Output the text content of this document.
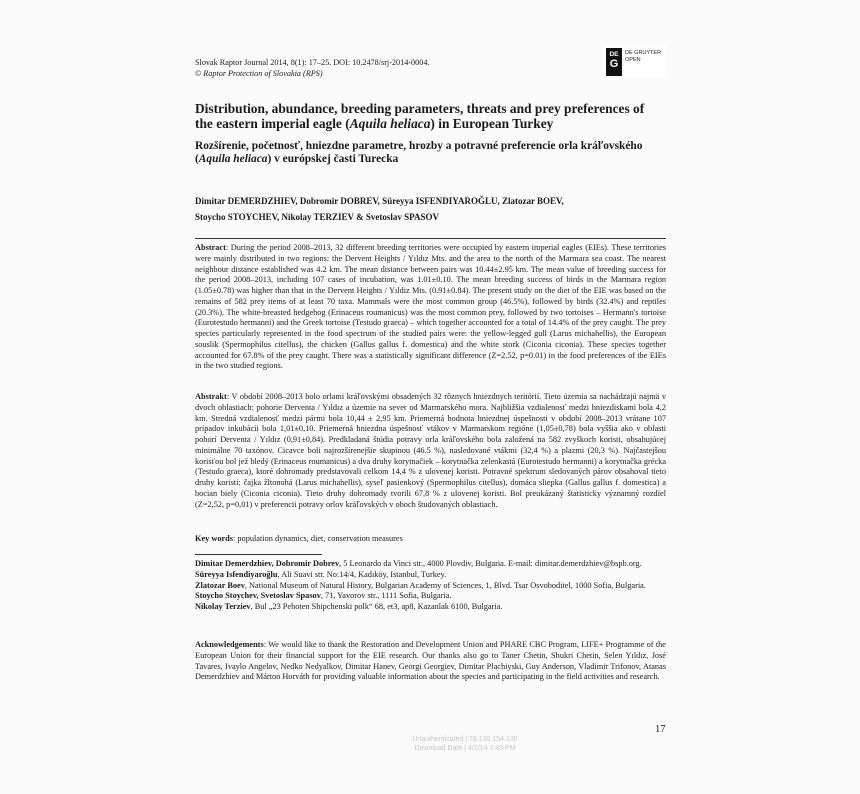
Slovak Raptor Journal 2014, 8(1): 17–25. DOI: 10.2478/srj-2014-0004.
© Raptor Protection of Slovakia (RPS)
DE
G
DE GRUYTER
OPEN
Distribution, abundance, breeding parameters, threats and prey preferences of the eastern imperial eagle (Aquila heliaca) in European Turkey
Rozšírenie, početnosť, hniezdne parametre, hrozby a potravné preferencie orla kráľovského (Aquila heliaca) v európskej časti Turecka
Dimitar DEMERDZHIEV, Dobromir DOBREV, Süreyya ISFENDIYAROĞLU, Zlatozar BOEV,
Stoycho STOYCHEV, Nikolay TERZIEV & Svetoslav SPASOV
Abstract: During the period 2008–2013, 32 different breeding territories were occupied by eastern imperial eagles (EIEs). These territories were mainly distributed in two regions: the Dervent Heights / Yıldız Mts. and the area to the north of the Marmara sea coast. The nearest neighbour distance established was 4.2 km. The mean distance between pairs was 10.44±2.95 km. The mean value of breeding success for the period 2008–2013, including 107 cases of incubation, was 1.01±0.10. The mean breeding success of birds in the Marmara region (1.05±0.78) was higher than that in the Dervent Heights / Yıldız Mts. (0.91±0.84). The present study on the diet of the EIE was based on the remains of 582 prey items of at least 70 taxa. Mammals were the most common group (46.5%), followed by birds (32.4%) and reptiles (20.3%). The white-breasted hedgehog (Erinaceus roumanicus) was the most common prey, followed by two tortoises – Hermann's tortoise (Eurotestudo hermanni) and the Greek tortoise (Testudo graeca) – which together accounted for a total of 14.4% of the prey caught. The prey species particularly represented in the food spectrum of the studied pairs were: the yellow-legged gull (Larus michahellis), the European souslik (Spermophilus citellus), the chicken (Gallus gallus f. domestica) and the white stork (Ciconia ciconia). These species together accounted for 67.8% of the prey caught. There was a statistically significant difference (Z=2.52, p=0.01) in the food preferences of the EIEs in the two studied regions.
Abstrakt: V období 2008–2013 bolo orlami kráľovskými obsadených 32 rôznych hniezdnych teritórií. Tieto územia sa nachádzajú najmä v dvoch oblastiach: pohorie Derventa / Yıldız a územie na sever od Marmarského mora. Najbližšia vzdialenosť medzi hniezdiskami bola 4,2 km. Stredná vzdialenosť medzi pármi bola 10,44 ± 2,95 km. Priemerná hodnota hniezdnej úspešnosti v období 2008–2013 vrátane 107 prípadov inkubácii bola 1,01±0,10. Priemerná hniezdna úspešnosť vtákov v Marmarskom regióne (1,05±0,78) bola vyššia ako v oblasti pohorí Derventa / Yıldız (0,91±0,84). Predkladaná štúdia potravy orla kráľovského bola založená na 582 zvyškoch koristi, obsahujúcej minimálne 70 taxónov. Cicavce boli najrozšírenejšie skupinou (46.5 %), nasledované vtákmi (32,4 %) a plazmi (20,3 %). Najčastejšou korisťou bol jež bledý (Erinaceus roumanicus) a dva druhy korytnačiek – korytnačka zelenkastá (Eurotestudo hermanni) a korytnačka grécka (Testudo graeca), ktoré dohromady predstavovali celkom 14,4 % z ulovenej koristi. Potravné spektrum sledovaných párov obsahoval tieto druhy koristi: čajka žltonohá (Larus michahellis), syseľ pasienkový (Spermophilus citellus), domáca sliepka (Gallus gallus f. domestica) a bocian biely (Ciconia ciconia). Tieto druhy dohromady tvorili 67,8 % z ulovenej koristi. Bol preukázaný štatisticky významný rozdiel (Z=2,52, p=0,01) v preferencii potravy orlov kráľovských v oboch študovaných oblastiach.
Key words: population dynamics, diet, conservation measures

Dimitar Demerdzhiev, Dobromir Dobrev, 5 Leonardo da Vinci str., 4000 Plovdiv, Bulgaria. E-mail: dimitar.demerdzhiev@bspb.org.

Süreyya Isfendiyaroğlu, Ali Suavi str. No:14/4, Kadıköy, Istanbul, Turkey.

Zlatozar Boev, National Museum of Natural History, Bulgarian Academy of Sciences, 1, Blvd. Tsar Osvoboditel, 1000 Sofia, Bulgaria.

Stoycho Stoychev, Svetoslav Spasov, 71, Yavorov str., 1111 Sofia, Bulgaria.

Nikolay Terziev, Bul „23 Pehoten Shipchenski polk“ 68, et3, ap8, Kazanlak 6100, Bulgaria.

Acknowledgements: We would like to thank the Restoration and Development Union and PHARE CBC Program, LIFE+ Programme of the European Union for their financial support for the EIE research. Our thanks also go to Taner Chetin, Shukri Chetin, Selen Yıldız, José Tavares, Ivaylo Angelov, Nedko Nedyalkov, Dimitar Hanev, Georgi Georgiev, Dimitar Plachiyski, Guy Anderson, Vladimir Trifonov, Atanas Demerdzhiev and Márton Horváth for providing valuable information about the species and participating in the field activities and research.
17
Unauthenticated | 78.130.154.130
Download Date | 4/1/14 7:43 PM
